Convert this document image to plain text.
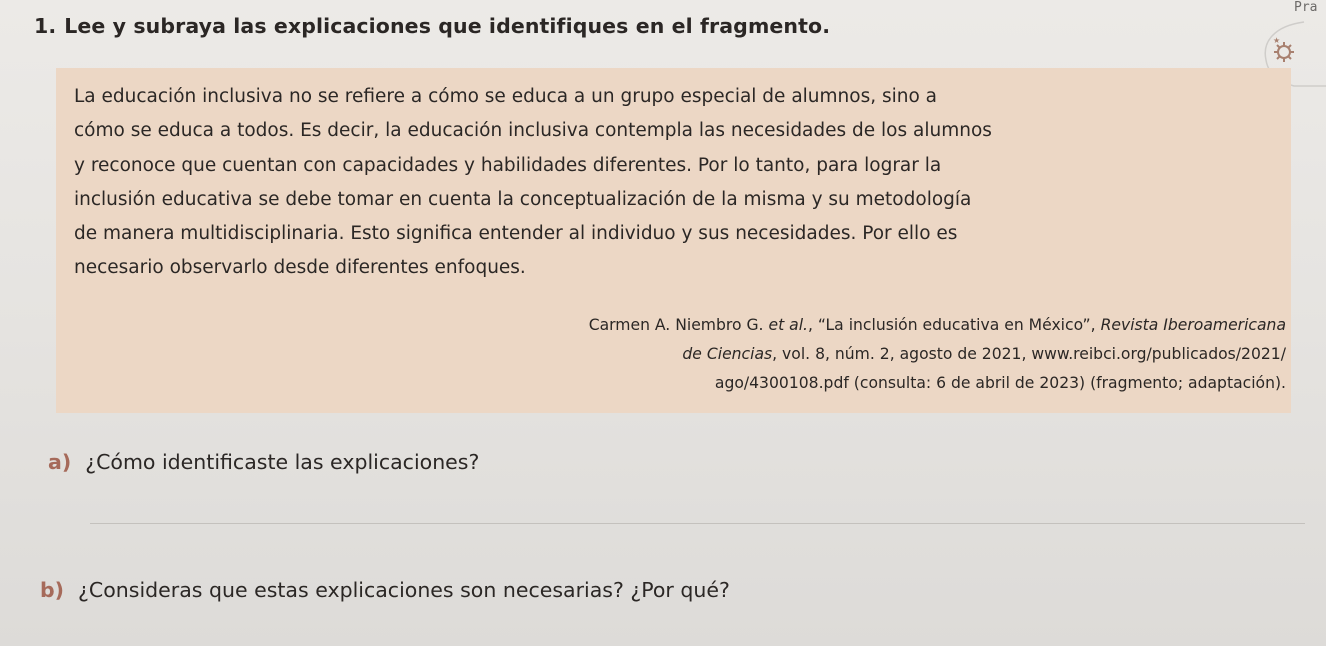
Pra
★
1. Lee y subraya las explicaciones que identifiques en el fragmento.

La educación inclusiva no se refiere a cómo se educa a un grupo especial de alumnos, sino a
cómo se educa a todos. Es decir, la educación inclusiva contempla las necesidades de los alumnos
y reconoce que cuentan con capacidades y habilidades diferentes. Por lo tanto, para lograr la
inclusión educativa se debe tomar en cuenta la conceptualización de la misma y su metodología
de manera multidisciplinaria. Esto significa entender al individuo y sus necesidades. Por ello es
necesario observarlo desde diferentes enfoques.

Carmen A. Niembro G. et al., “La inclusión educativa en México”, Revista Iberoamericana
de Ciencias, vol. 8, núm. 2, agosto de 2021, www.reibci.org/publicados/2021/
ago/4300108.pdf (consulta: 6 de abril de 2023) (fragmento; adaptación).
a) ¿Cómo identificaste las explicaciones?
b) ¿Consideras que estas explicaciones son necesarias? ¿Por qué?
